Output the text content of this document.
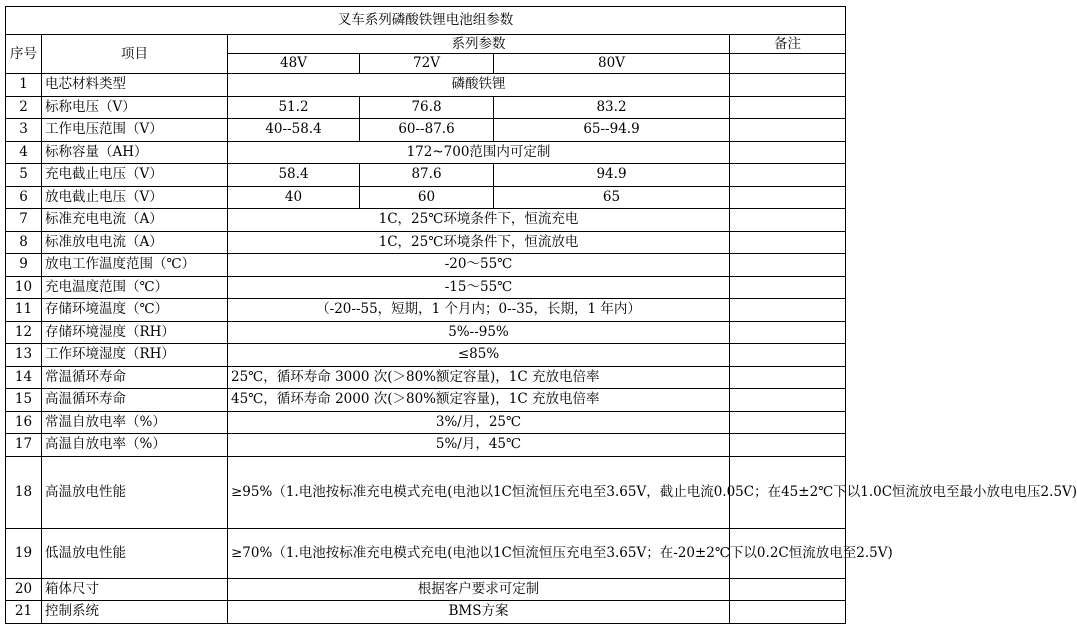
叉车系列磷酸铁锂电池组参数					
序号	项目	系列参数			备注
		48V	72V	80V	
1	电芯材料类型	磷酸铁锂			
2	标称电压（V）	51.2	76.8	83.2	
3	工作电压范围（V）	40--58.4	60--87.6	65--94.9	
4	标称容量（AH）	172~700范围内可定制			
5	充电截止电压（V）	58.4	87.6	94.9	
6	放电截止电压（V）	40	60	65	
7	标准充电电流（A）	1C，25℃环境条件下，恒流充电			
8	标准放电电流（A）	1C，25℃环境条件下，恒流放电			
9	放电工作温度范围（℃）	-20～55℃			
10	充电温度范围（℃）	-15～55℃			
11	存储环境温度（℃）	（-20--55，短期，1 个月内；0--35，长期，1 年内）			
12	存储环境湿度（RH）	5%--95%			
13	工作环境湿度（RH）	≤85%			
14	常温循环寿命	25℃，循环寿命 3000 次(＞80%额定容量)，1C 充放电倍率			
15	高温循环寿命	45℃，循环寿命 2000 次(＞80%额定容量)，1C 充放电倍率			
16	常温自放电率（%）	3%/月，25℃			
17	高温自放电率（%）	5%/月，45℃			
18	高温放电性能	≥95%（1.电池按标准充电模式充电(电池以1C恒流恒压充电至3.65V，截止电流0.05C；在45±2℃下以1.0C恒流放电至最小放电电压2.5V)			
19	低温放电性能	≥70%（1.电池按标准充电模式充电(电池以1C恒流恒压充电至3.65V；在-20±2℃下以0.2C恒流放电至2.5V)			
20	箱体尺寸	根据客户要求可定制			
21	控制系统	BMS方案			
